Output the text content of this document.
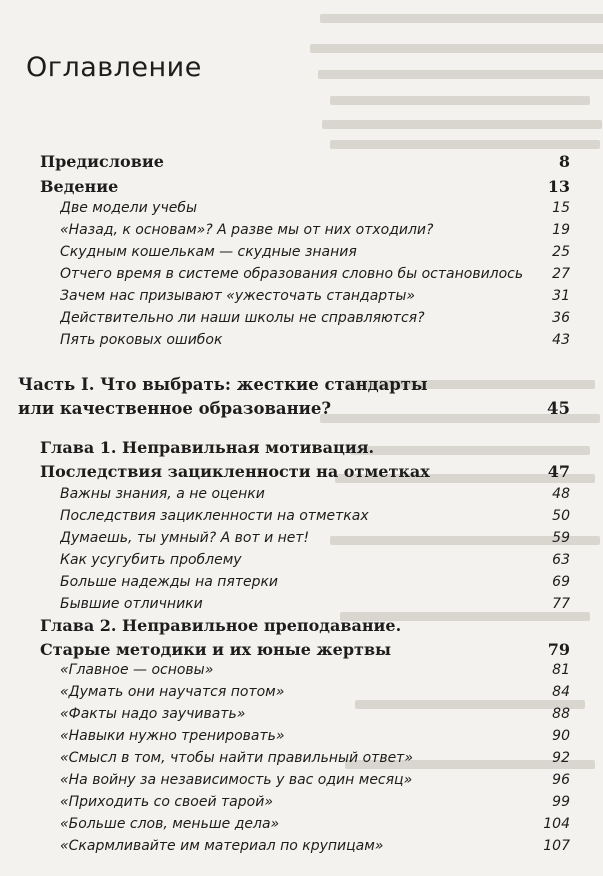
Оглавление
Предисловие	8
Ведение	13
Две модели учебы	15
«Назад, к основам»? А разве мы от них отходили?	19
Скудным кошелькам — скудные знания	25
Отчего время в системе образования словно бы остановилось	27
Зачем нас призывают «ужесточать стандарты»	31
Действительно ли наши школы не справляются?	36
Пять роковых ошибок	43
Часть I. Что выбрать: жесткие стандарты
или качественное образование?	45
Глава 1. Неправильная мотивация.
Последствия зацикленности на отметках	47
Важны знания, а не оценки	48
Последствия зацикленности на отметках	50
Думаешь, ты умный? А вот и нет!	59
Как усугубить проблему	63
Больше надежды на пятерки	69
Бывшие отличники	77
Глава 2. Неправильное преподавание.
Старые методики и их юные жертвы	79
«Главное — основы»	81
«Думать они научатся потом»	84
«Факты надо заучивать»	88
«Навыки нужно тренировать»	90
«Смысл в том, чтобы найти правильный ответ»	92
«На войну за независимость у вас один месяц»	96
«Приходить со своей тарой»	99
«Больше слов, меньше дела»	104
«Скармливайте им материал по крупицам»	107
